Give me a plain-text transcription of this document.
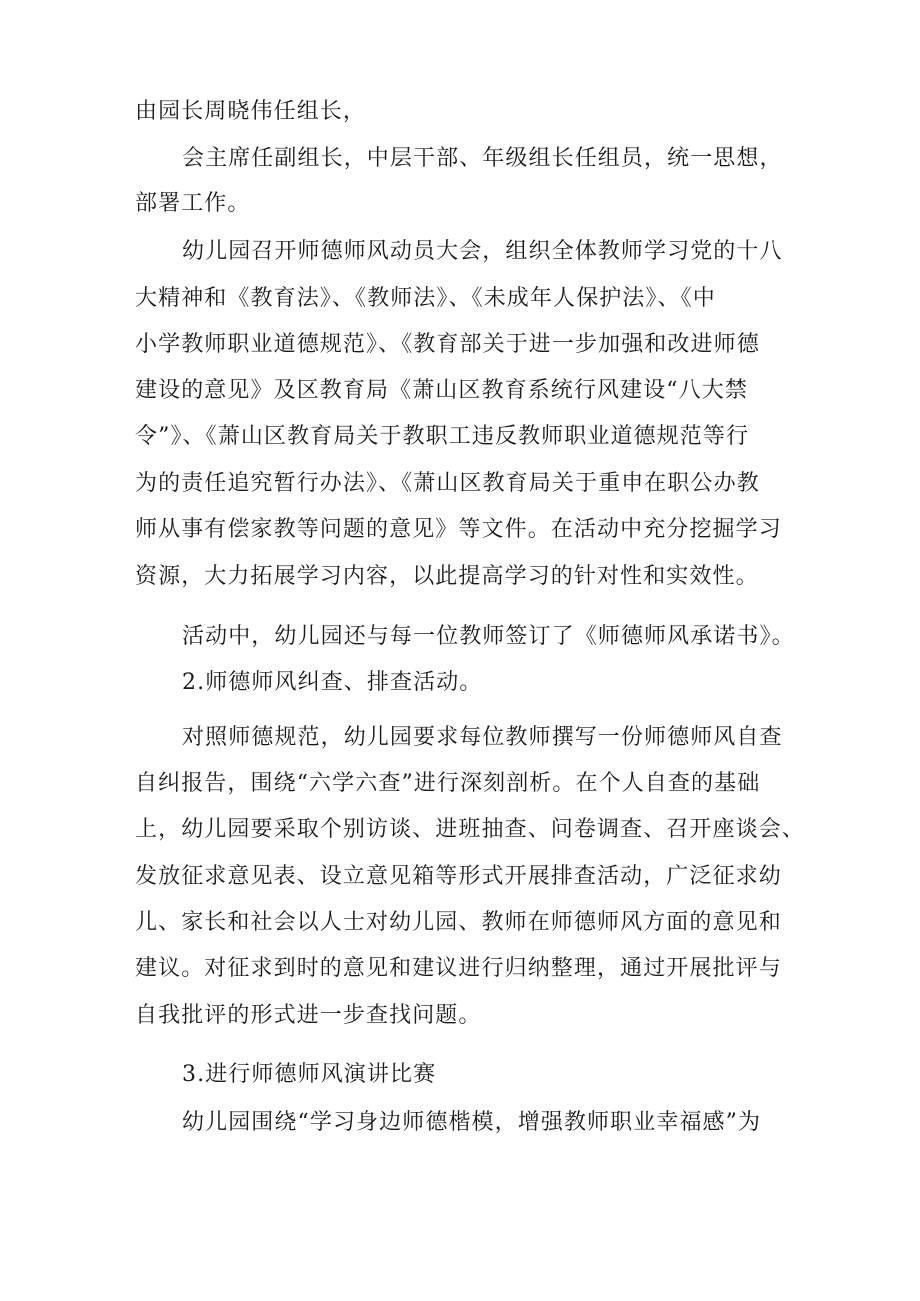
由园长周晓伟任组长，
会主席任副组长，中层干部、年级组长任组员，统一思想，
部署工作。
幼儿园召开师德师风动员大会，组织全体教师学习党的十八
大精神和《教育法》、《教师法》、《未成年人保护法》、《中
小学教师职业道德规范》、《教育部关于进一步加强和改进师德
建设的意见》及区教育局《萧山区教育系统行风建设“八大禁
令”》、《萧山区教育局关于教职工违反教师职业道德规范等行
为的责任追究暂行办法》、《萧山区教育局关于重申在职公办教
师从事有偿家教等问题的意见》等文件。在活动中充分挖掘学习
资源，大力拓展学习内容，以此提高学习的针对性和实效性。
活动中，幼儿园还与每一位教师签订了《师德师风承诺书》。
2.师德师风纠查、排查活动。
对照师德规范，幼儿园要求每位教师撰写一份师德师风自查
自纠报告，围绕“六学六查”进行深刻剖析。在个人自查的基础
上，幼儿园要采取个别访谈、进班抽查、问卷调查、召开座谈会、
发放征求意见表、设立意见箱等形式开展排查活动，广泛征求幼
儿、家长和社会以人士对幼儿园、教师在师德师风方面的意见和
建议。对征求到时的意见和建议进行归纳整理，通过开展批评与
自我批评的形式进一步查找问题。
3.进行师德师风演讲比赛
幼儿园围绕“学习身边师德楷模，增强教师职业幸福感”为
